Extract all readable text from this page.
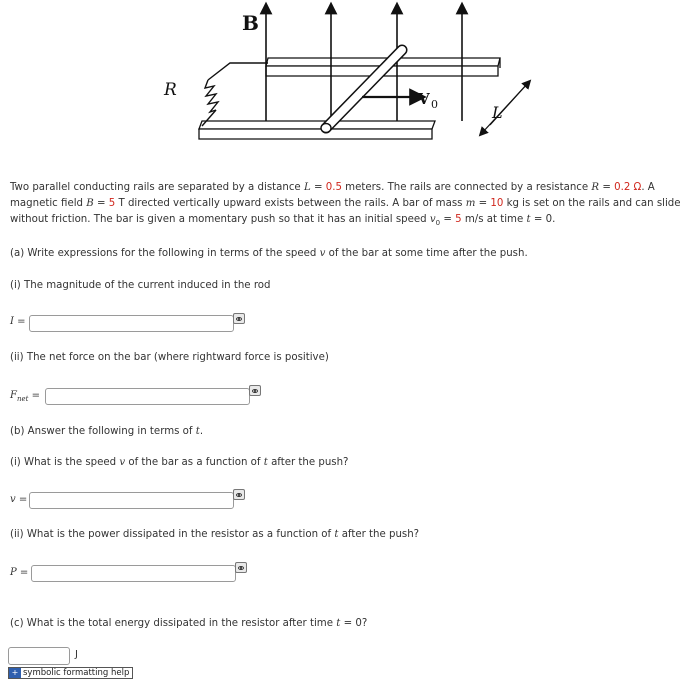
B
R	V 0	L
Two parallel conducting rails are separated by a distance L = 0.5 meters. The rails are connected by a resistance R = 0.2 Ω. A magnetic field B = 5 T directed vertically upward exists between the rails. A bar of mass m = 10 kg is set on the rails and can slide without friction. The bar is given a momentary push so that it has an initial speed $v_0 = 5$ m/s at time t = 0.
(a) Write expressions for the following in terms of the speed v of the bar at some time after the push.
(i) The magnitude of the current induced in the rod
I =
(ii) The net force on the bar (where rightward force is positive)
$F_{net}$ =
(b) Answer the following in terms of t.
(i) What is the speed v of the bar as a function of t after the push?
v =
(ii) What is the power dissipated in the resistor as a function of t after the push?
P =
(c) What is the total energy dissipated in the resistor after time t = 0?
J
+ symbolic formatting help
